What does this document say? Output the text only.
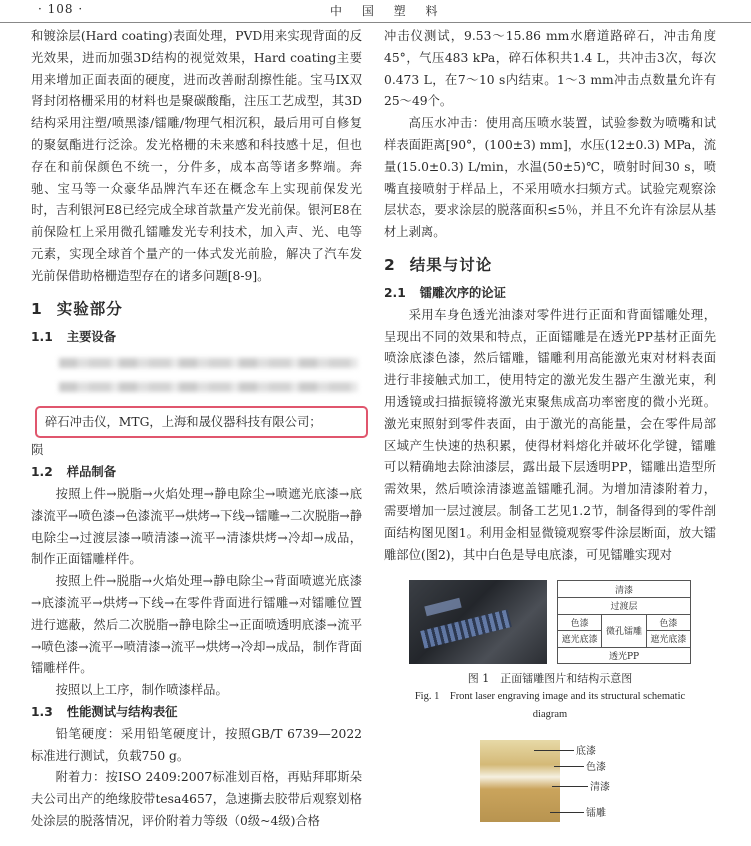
· 108 ·	中 国 塑 料

和镀涂层(Hard coating)表面处理，PVD用来实现背面的反光效果，进而加强3D结构的视觉效果，Hard coating主要用来增加正面表面的硬度，进而改善耐刮擦性能。宝马IX双肾封闭格栅采用的材料也是聚碳酸酯，注压工艺成型，其3D结构采用注塑/喷黑漆/镭雕/物理气相沉积，最后用可自修复的聚氨酯进行泛涂。发光格栅的未来感和科技感十足，但也存在和前保颜色不统一，分件多，成本高等诸多弊端。奔驰、宝马等一众豪华品牌汽车还在概念车上实现前保发光时，吉利银河E8已经完成全球首款量产发光前保。银河E8在前保险杠上采用微孔镭雕发光专利技术，加入声、光、电等元素，实现全球首个量产的一体式发光前脸，解决了汽车发光前保借助格栅造型存在的诸多问题[8-9]。

1 实验部分
1.1 主要设备
碎石冲击仪，MTG，上海和晟仪器科技有限公司；

陨

1.2 样品制备

按照上件→脱脂→火焰处理→静电除尘→喷遮光底漆→底漆流平→喷色漆→色漆流平→烘烤→下线→镭雕→二次脱脂→静电除尘→过渡层漆→喷清漆→流平→清漆烘烤→冷却→成品，制作正面镭雕样件。

按照上件→脱脂→火焰处理→静电除尘→背面喷遮光底漆→底漆流平→烘烤→下线→在零件背面进行镭雕→对镭雕位置进行遮蔽，然后二次脱脂→静电除尘→正面喷透明底漆→流平→喷色漆→流平→喷清漆→流平→烘烤→冷却→成品，制作背面镭雕样件。

按照以上工序，制作喷漆样品。

1.3 性能测试与结构表征

铅笔硬度：采用铅笔硬度计，按照GB/T 6739—2022标准进行测试，负载750 g。

附着力：按ISO 2409:2007标准划百格，再贴拜耶斯朵夫公司出产的绝缘胶带tesa4657，急速撕去胶带后观察划格处涂层的脱落情况，评价附着力等级（0级~4级)合格

冲击仪测试，9.53～15.86 mm水磨道路碎石，冲击角度45°，气压483 kPa，碎石体积共1.4 L，共冲击3次，每次0.473 L，在7～10 s内结束。1～3 mm冲击点数量允许有25～49个。

高压水冲击：使用高压喷水装置，试验参数为喷嘴和试样表面距离[90°，(100±3) mm]，水压(12±0.3) MPa，流量(15.0±0.3) L/min，水温(50±5)℃，喷射时间30 s，喷嘴直接喷射于样品上，不采用喷水扫频方式。试验完观察涂层状态，要求涂层的脱落面积≤5％，并且不允许有涂层从基材上剥离。

2 结果与讨论
2.1 镭雕次序的论证

采用车身色透光油漆对零件进行正面和背面镭雕处理，呈现出不同的效果和特点，正面镭雕是在透光PP基材正面先喷涂底漆色漆，然后镭雕，镭雕利用高能激光束对材料表面进行非接触式加工，使用特定的激光发生器产生激光束，利用透镜或扫描振镜将激光束聚焦成高功率密度的微小光斑。激光束照射到零件表面，由于激光的高能量，会在零件局部区域产生快速的热积累，使得材料熔化并破坏化学键，镭雕可以精确地去除油漆层，露出最下层透明PP，镭雕出造型所需效果，然后喷涂清漆遮盖镭雕孔洞。为增加清漆附着力，需要增加一层过渡层。制备工艺见1.2节，制备得到的零件剖面结构图见图1。利用金相显微镜观察零件涂层断面，放大镭雕部位(图2)，其中白色是导电底漆，可见镭雕实现对

清漆		
过渡层		
色漆	微孔镭雕	色漆
遮光底漆		遮光底漆
透光PP		

图 1　正面镭雕图片和结构示意图

Fig. 1　Front laser engraving image and its structural schematic

diagram

底漆
色漆
清漆
镭雕
